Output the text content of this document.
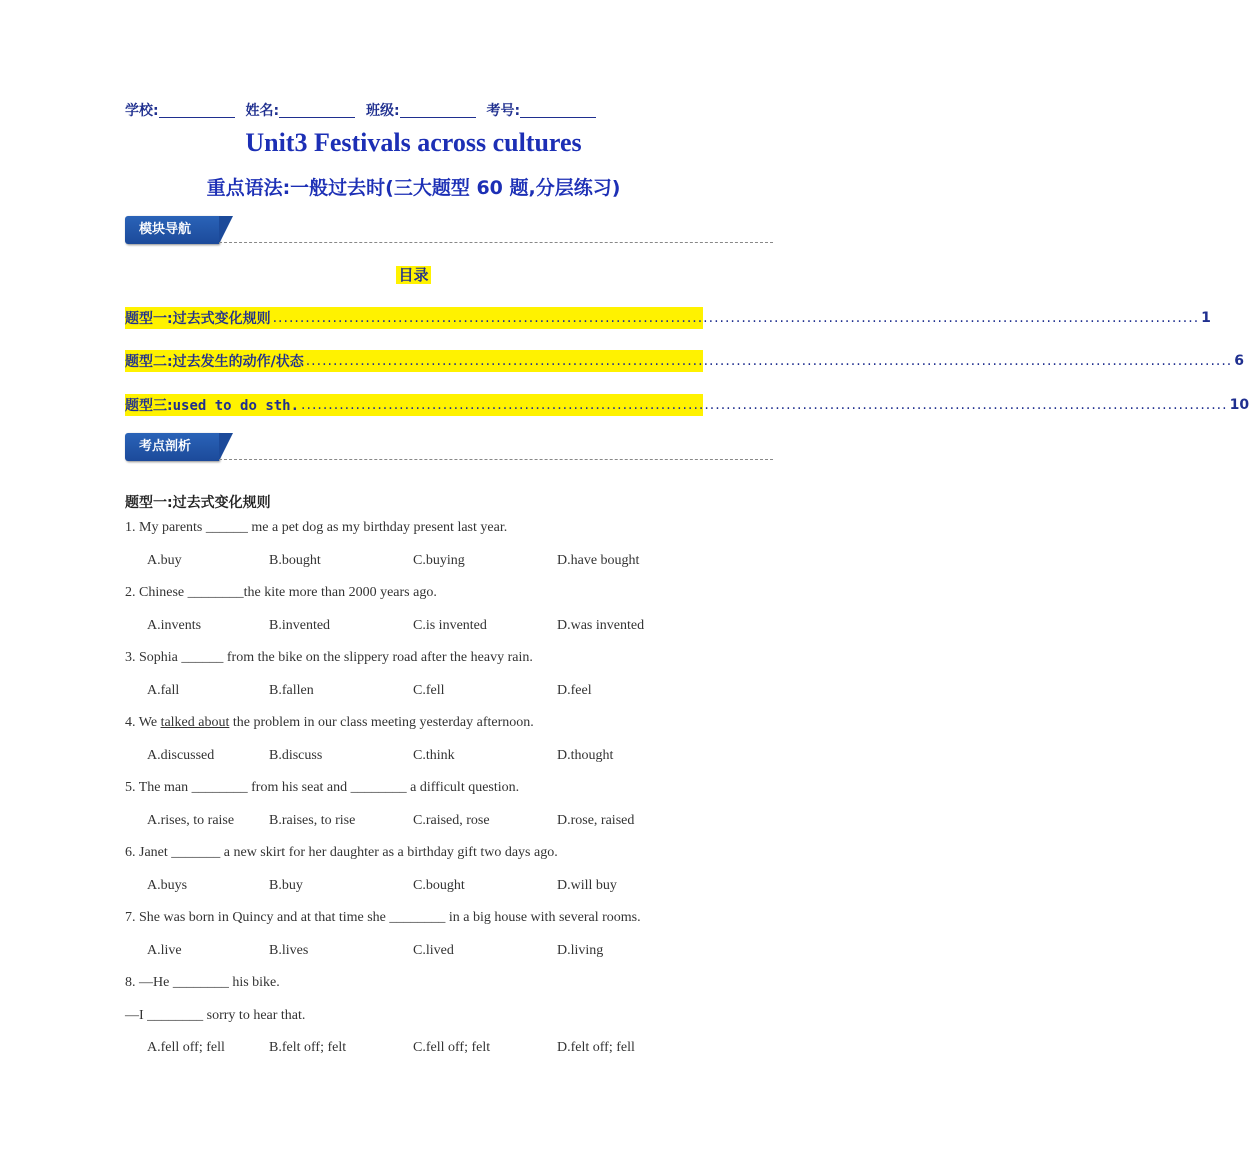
学校:	姓名:	班级:	考号:
Unit3 Festivals across cultures
重点语法:一般过去时(三大题型 60 题,分层练习)
模块导航
目录
题型一:过去式变化规则 .......................................................................................................................................................................... 1
题型二:过去发生的动作/状态 .......................................................................................................................................................................... 6
题型三:used to do sth. .......................................................................................................................................................................... 10
考点剖析
题型一:过去式变化规则
1. My parents ______ me a pet dog as my birthday present last year.
A.buy	B.bought	C.buying	D.have bought
2. Chinese ________the kite more than 2000 years ago.
A.invents	B.invented	C.is invented	D.was invented
3. Sophia ______ from the bike on the slippery road after the heavy rain.
A.fall	B.fallen	C.fell	D.feel
4. We talked about the problem in our class meeting yesterday afternoon.
A.discussed	B.discuss	C.think	D.thought
5. The man ________ from his seat and ________ a difficult question.
A.rises, to raise B.raises, to rise	C.raised, rose	D.rose, raised
6. Janet _______ a new skirt for her daughter as a birthday gift two days ago.
A.buys	B.buy	C.bought	D.will buy
7. She was born in Quincy and at that time she ________ in a big house with several rooms.
A.live	B.lives	C.lived	D.living
8. —He ________ his bike.
—I ________ sorry to hear that.
A.fell off; fell	B.felt off; felt	C.fell off; felt	D.felt off; fell
